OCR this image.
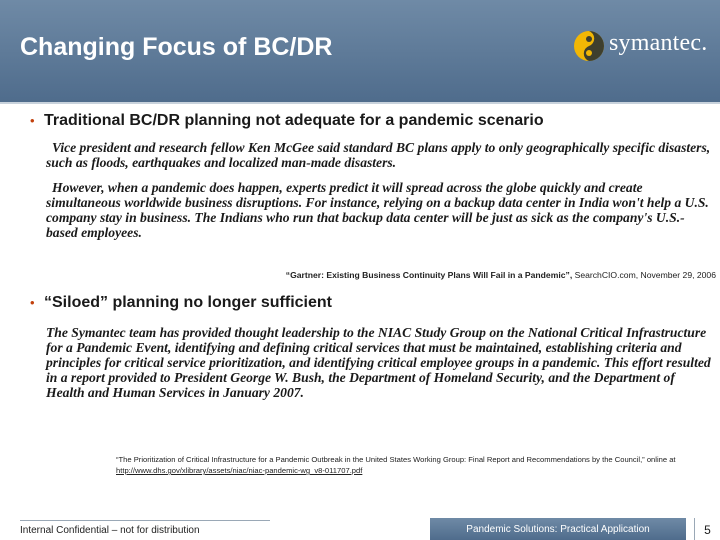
Changing Focus of BC/DR	symantec.
• Traditional BC/DR planning not adequate for a pandemic scenario
Vice president and research fellow Ken McGee said standard BC plans apply to only geographically specific disasters, such as floods, earthquakes and localized man-made disasters.
However, when a pandemic does happen, experts predict it will spread across the globe quickly and create simultaneous worldwide business disruptions. For instance, relying on a backup data center in India won't help a U.S. company stay in business. The Indians who run that backup data center will be just as sick as the company's U.S.-based employees.
“Gartner: Existing Business Continuity Plans Will Fail in a Pandemic”, SearchCIO.com, November 29, 2006
• “Siloed” planning no longer sufficient
The Symantec team has provided thought leadership to the NIAC Study Group on the National Critical Infrastructure for a Pandemic Event, identifying and defining critical services that must be maintained, establishing criteria and principles for critical service prioritization, and identifying critical employee groups in a pandemic. This effort resulted in a report provided to President George W. Bush, the Department of Homeland Security, and the Department of Health and Human Services in January 2007.
“The Prioritization of Critical Infrastructure for a Pandemic Outbreak in the United States Working Group: Final Report and Recommendations by the Council,” online at
http://www.dhs.gov/xlibrary/assets/niac/niac-pandemic-wg_v8-011707.pdf
Internal Confidential – not for distribution	Pandemic Solutions: Practical Application	5
